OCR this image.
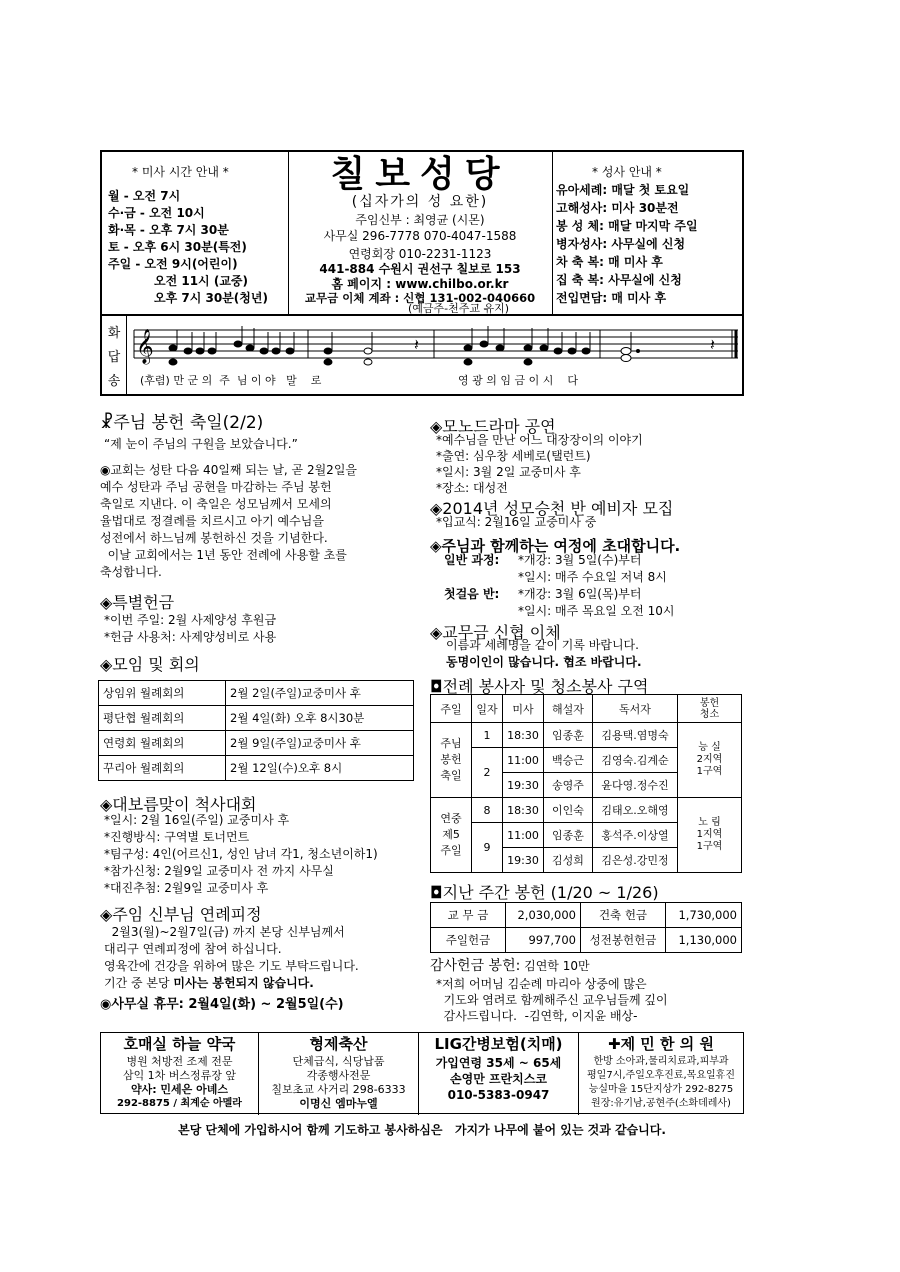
* 미사 시간 안내 *
월 - 오전 7시
수·금 - 오전 10시
화·목 - 오후 7시 30분
토 - 오후 6시 30분(특전)
주일 - 오전 9시(어린이)
오전 11시 (교중)
오후 7시 30분(청년)
칠보성당
(십자가의 성 요한)
주임신부 : 최영균 (시몬)
사무실 296-7778 070-4047-1588
연령회장 010-2231-1123
441-884 수원시 권선구 칠보로 153
홈 페이지 : www.chilbo.or.kr
교무금 이체 계좌 : 신협 131-002-040660
(예금주-천주교 유지)
* 성사 안내 *
유아세례: 매달 첫 토요일
고해성사: 미사 30분전
봉 성 체: 매달 마지막 주일
병자성사: 사무실에 신청
차 축 복: 매 미사 후
집 축 복: 사무실에 신청
전입면담: 매 미사 후
화
답
송
𝄞	𝄽	𝄽
(후렴) 만 군 의  주  님 이 야   말    로	영 광 의 임 금 이 시    다
☧주님 봉헌 축일(2/2)
“제 눈이 주님의 구원을 보았습니다.”
◉교회는 성탄 다음 40일째 되는 날, 곧 2월2일을
예수 성탄과 주님 공현을 마감하는 주님 봉헌
축일로 지낸다. 이 축일은 성모님께서 모세의
율법대로 정결례를 치르시고 아기 예수님을
성전에서 하느님께 봉헌하신 것을 기념한다.
이날 교회에서는 1년 동안 전례에 사용할 초를
축성합니다.
◈특별헌금
*이번 주일: 2월 사제양성 후원금
*헌금 사용처: 사제양성비로 사용
◈모임 및 회의
상임위 월례회의	2월 2일(주일)교중미사 후
평단협 월례회의	2월 4일(화) 오후 8시30분
연령회 월례회의	2월 9일(주일)교중미사 후
꾸리아 월례회의	2월 12일(수)오후 8시
◈대보름맞이 척사대회
*일시: 2월 16일(주일) 교중미사 후
*진행방식: 구역별 토너먼트
*팀구성: 4인(어르신1, 성인 남녀 각1, 청소년이하1)
*참가신청: 2월9일 교중미사 전 까지 사무실
*대진추첨: 2월9일 교중미사 후
◈주임 신부님 연례피정
2월3(월)~2월7일(금) 까지 본당 신부님께서
대리구 연례피정에 참여 하십니다.
영육간에 건강을 위하여 많은 기도 부탁드립니다.
기간 중 본당 미사는 봉헌되지 않습니다.
◉사무실 휴무: 2월4일(화) ~ 2월5일(수)
◈모노드라마 공연
*예수님을 만난 어느 대장장이의 이야기
*출연: 심우창 세베로(탤런트)
*일시: 3월 2일 교중미사 후
*장소: 대성전
◈2014년 성모승천 반 예비자 모집
*입교식: 2월16일 교중미사 중
◈주님과 함께하는 여정에 초대합니다.
일반 과정: *개강: 3월 5일(수)부터
*일시: 매주 수요일 저녁 8시
첫걸음 반: *개강: 3월 6일(목)부터
*일시: 매주 목요일 오전 10시
◈교무금 신협 이체
이름과 세례명을 같이 기록 바랍니다.
동명이인이 많습니다. 협조 바랍니다.
◘전례 봉사자 및 청소봉사 구역
주일	일자	미사	해설자	독서자	봉헌
청소
주님
봉헌
축일	1	18:30	임종훈	김용택.염명숙	능 실
2지역
1구역
	2	11:00	백승근	김영숙.김계순	
		19:30	송영주	윤다영.정수진	
연중
제5
주일	8	18:30	이인숙	김태오.오해영	노 림
1지역
1구역
	9	11:00	임종훈	홍석주.이상열	
		19:30	김성희	김은성.강민정	
◘지난 주간 봉헌 (1/20 ~ 1/26)
교 무 금	2,030,000	건축 헌금	1,730,000
주일헌금	997,700	성전봉헌헌금	1,130,000
감사헌금 봉헌: 김연학 10만
*저희 어머님 김순례 마리아 상중에 많은
기도와 염려로 함께해주신 교우님들께 깊이
감사드립니다.  -김연학, 이지윤 배상-
호매실 하늘 약국
병원 처방전 조제 전문
삼익 1차 버스정류장 앞
약사: 민세은 아녜스
292-8875 / 최계순 아멜라
형제축산
단체급식, 식당납품
각종행사전문
칠보초교 사거리 298-6333
이명신 엠마누엘
LIG간병보험(치매)
가입연령 35세 ~ 65세
손영만 프란치스코
010-5383-0947
✚제 민 한 의 원
한방 소아과,물리치료과,피부과
평일7시,주일오후진료,목요일휴진
능실마을 15단지상가 292-8275
원장:유기남,공현주(소화데레사)
본당 단체에 가입하시어 함께 기도하고 봉사하심은   가지가 나무에 붙어 있는 것과 같습니다.
